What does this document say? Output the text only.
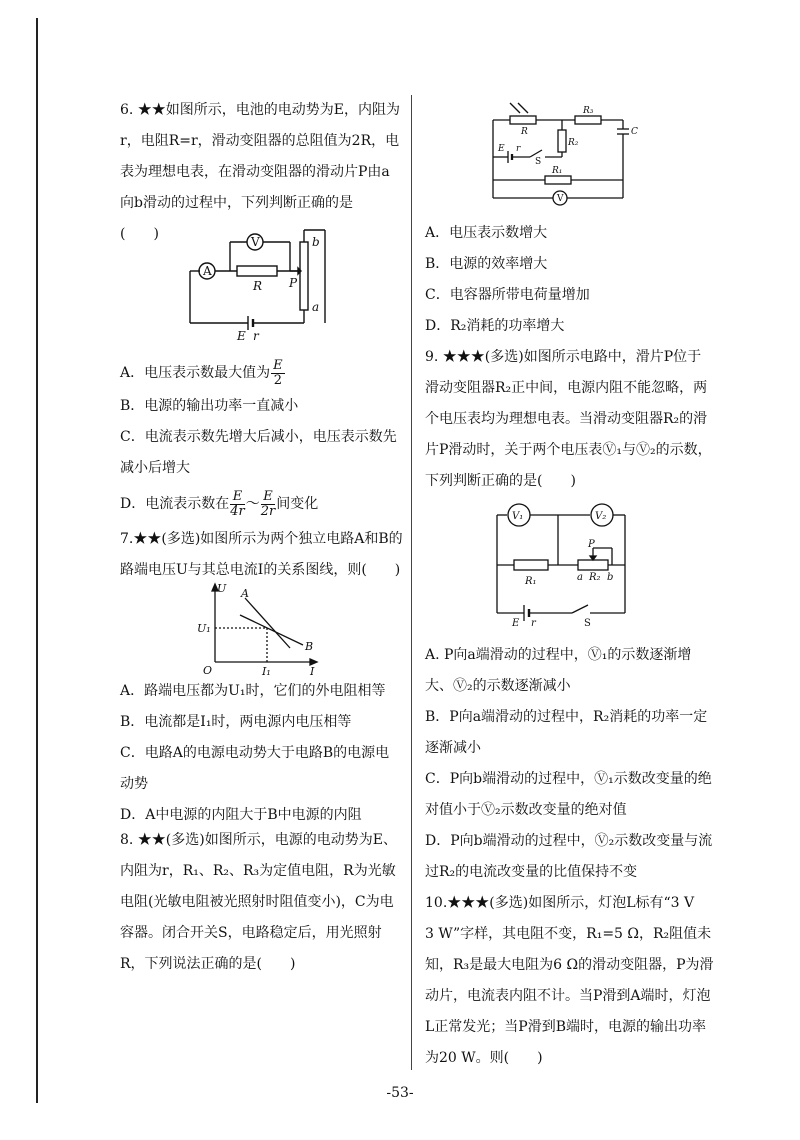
6. ★★如图所示，电池的电动势为E，内阻为r，电阻R=r，滑动变阻器的总阻值为2R，电表为理想电表，在滑动变阻器的滑动片P由a向b滑动的过程中，下列判断正确的是　(　　)

A
V
R P
b
a
E r

A．电压表示数最大值为 $\frac{E}{2}$

B．电源的输出功率一直减小

C．电流表示数先增大后减小，电压表示数先减小后增大

D．电流表示数在 $\frac{E}{4r}$ ～ $\frac{E}{2r}$ 间变化

7.★★(多选)如图所示为两个独立电路A和B的路端电压U与其总电流I的关系图线，则(　　)

U
I
O
U₁
I₁
A
B

A．路端电压都为U₁时，它们的外电阻相等

B．电流都是I₁时，两电源内电压相等

C．电路A的电源电动势大于电路B的电源电动势

D．A中电源的内阻大于B中电源的内阻

8. ★★(多选)如图所示，电源的电动势为E、内阻为r，R₁、R₂、R₃为定值电阻，R为光敏电阻(光敏电阻被光照射时阻值变小)，C为电容器。闭合开关S，电路稳定后，用光照射R，下列说法正确的是(　　)

R
R₃
R₂
C
E r
S
R₁
V

A．电压表示数增大

B．电源的效率增大

C．电容器所带电荷量增加

D．R₂消耗的功率增大

9. ★★★(多选)如图所示电路中，滑片P位于滑动变阻器R₂正中间，电源内阻不能忽略，两个电压表均为理想电表。当滑动变阻器R₂的滑片P滑动时，关于两个电压表Ⓥ₁与Ⓥ₂的示数，下列判断正确的是(　　)

V₁	V₂
R₁	R₂
P
a b
E r	S

A. P向a端滑动的过程中，Ⓥ₁的示数逐渐增大、Ⓥ₂的示数逐渐减小

B．P向a端滑动的过程中，R₂消耗的功率一定逐渐减小

C．P向b端滑动的过程中，Ⓥ₁示数改变量的绝对值小于Ⓥ₂示数改变量的绝对值

D．P向b端滑动的过程中，Ⓥ₂示数改变量与流过R₂的电流改变量的比值保持不变

10.★★★(多选)如图所示，灯泡L标有“3 V　3 W”字样，其电阻不变，R₁=5 Ω，R₂阻值未知，R₃是最大电阻为6 Ω的滑动变阻器，P为滑动片，电流表内阻不计。当P滑到A端时，灯泡L正常发光；当P滑到B端时，电源的输出功率为20 W。则(　　)

-53-
